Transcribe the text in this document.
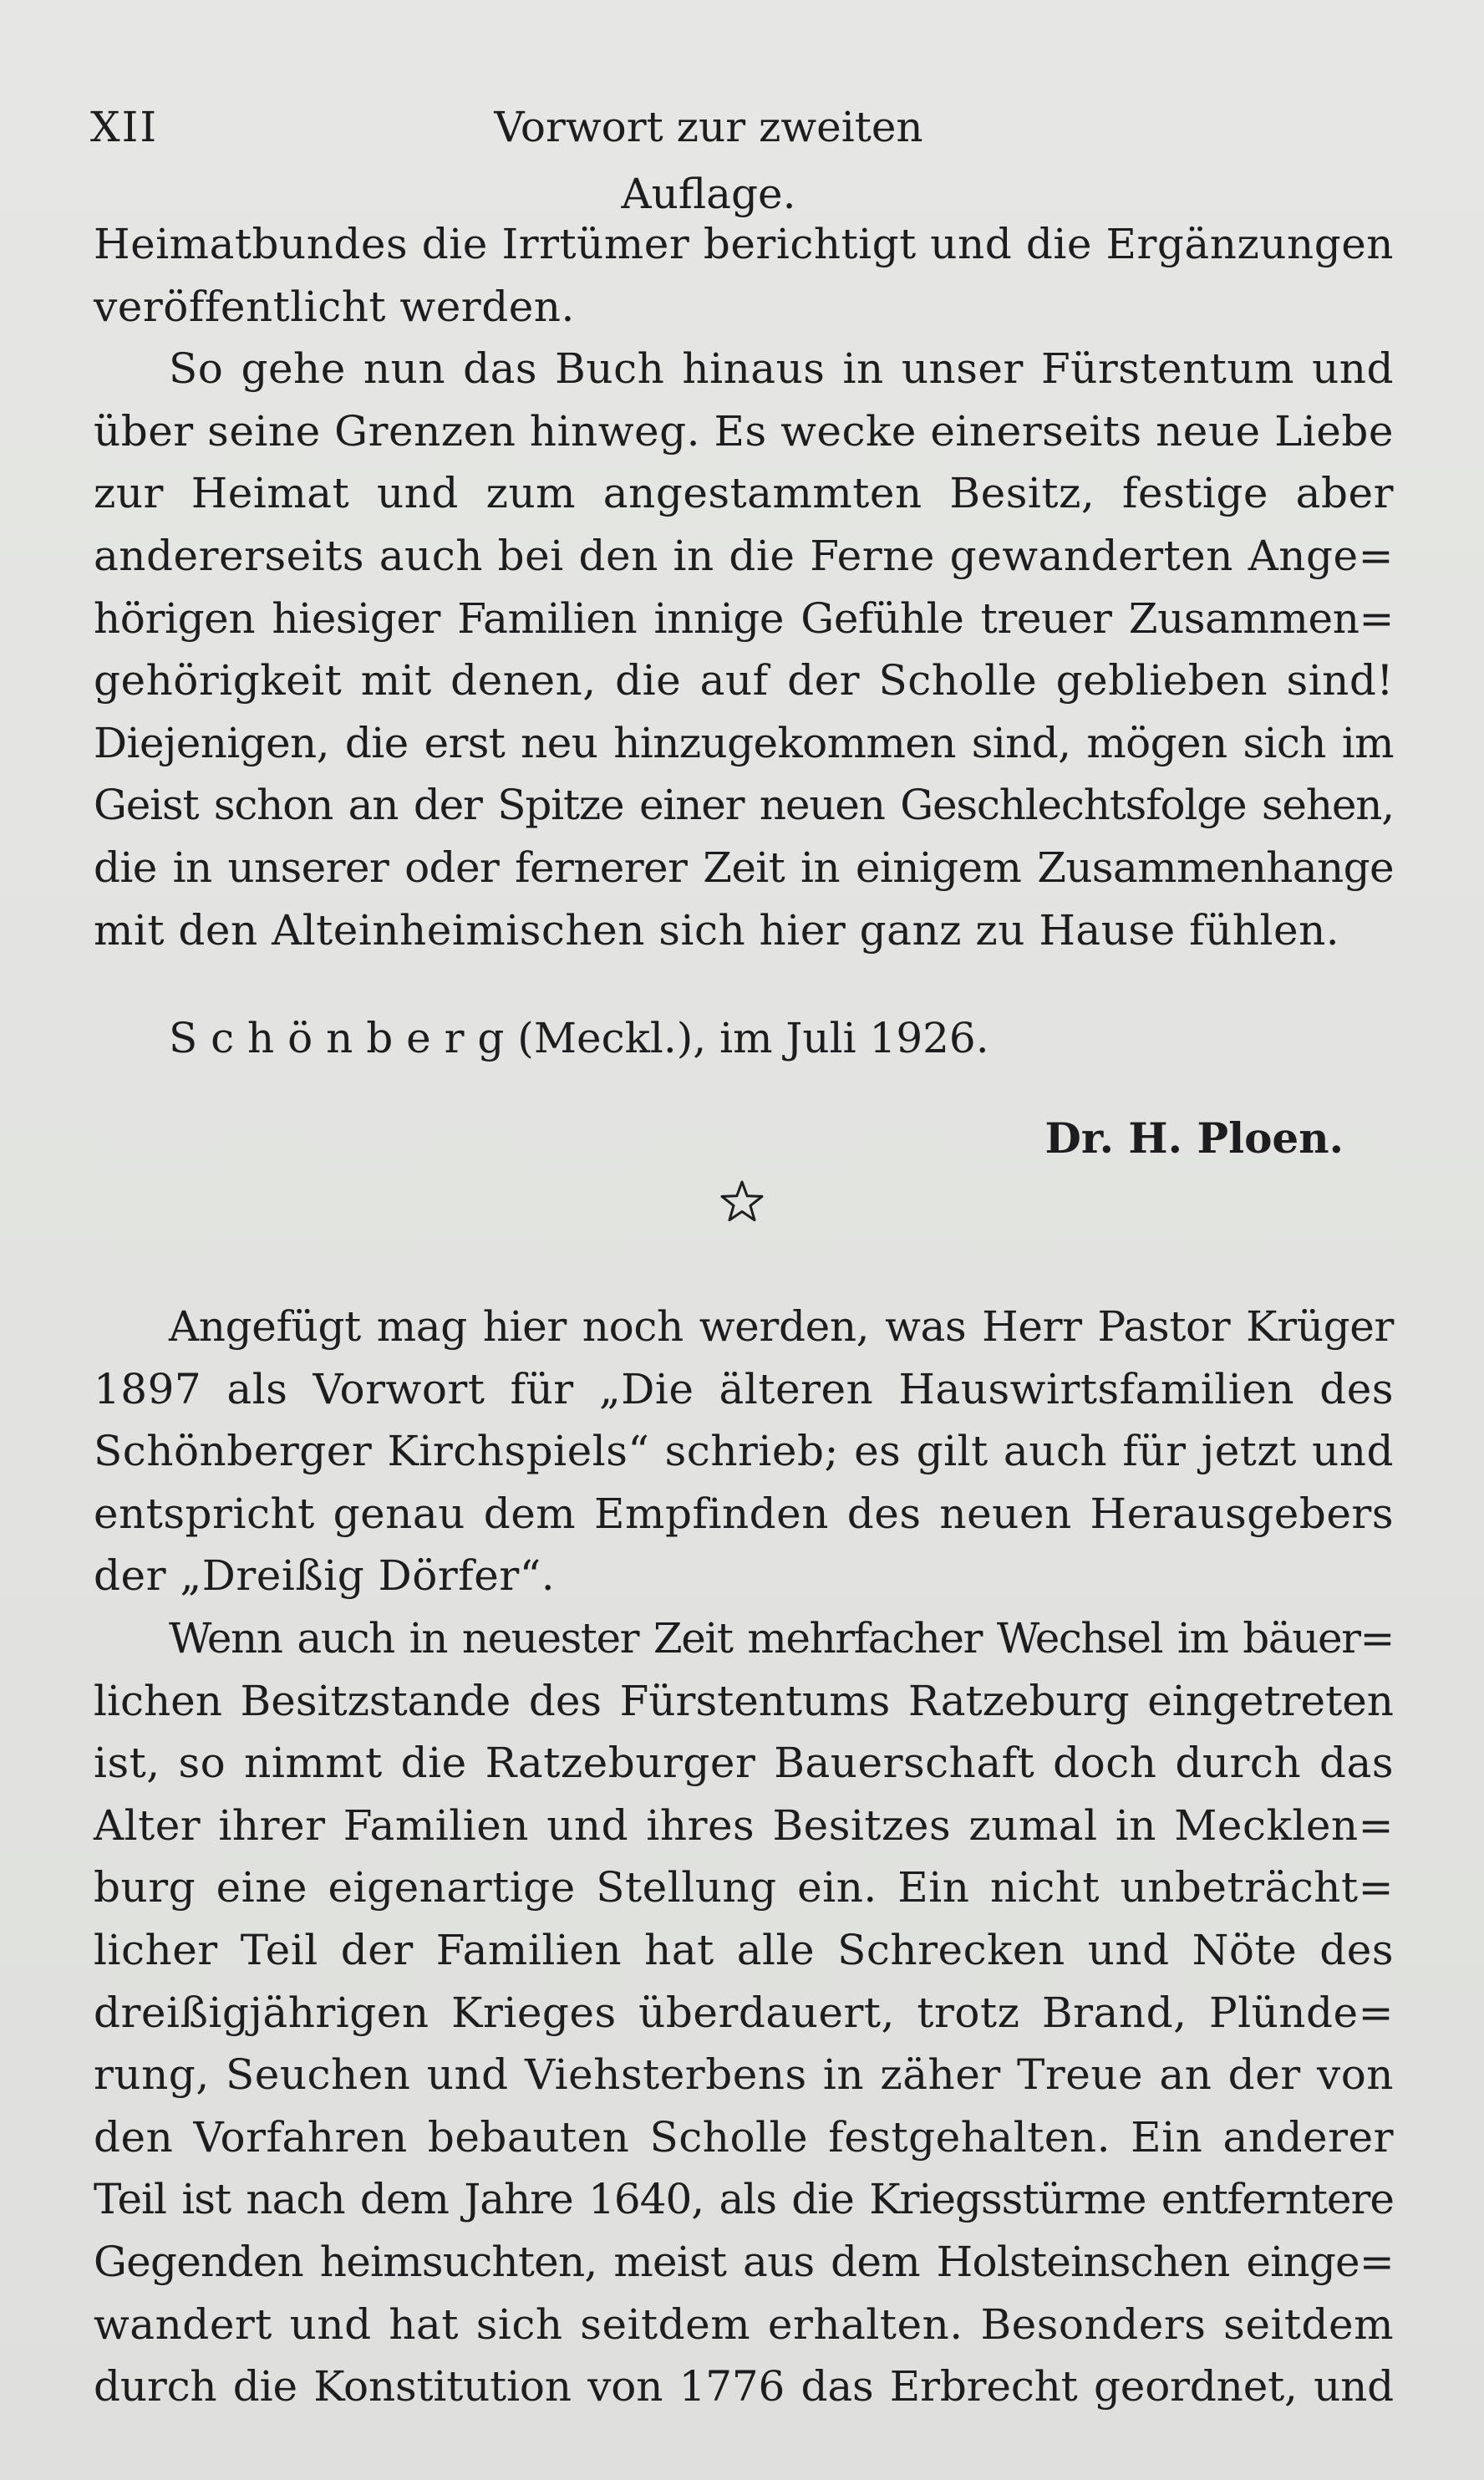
XII	Vorwort zur zweiten Auflage.
Heimatbundes die Irrtümer berichtigt und die Ergänzungen
veröffentlicht werden.
So gehe nun das Buch hinaus in unser Fürstentum und
über seine Grenzen hinweg. Es wecke einerseits neue Liebe
zur Heimat und zum angestammten Besitz, festige aber
andererseits auch bei den in die Ferne gewanderten Ange=
hörigen hiesiger Familien innige Gefühle treuer Zusammen=
gehörigkeit mit denen, die auf der Scholle geblieben sind!
Diejenigen, die erst neu hinzugekommen sind, mögen sich im
Geist schon an der Spitze einer neuen Geschlechtsfolge sehen,
die in unserer oder fernerer Zeit in einigem Zusammenhange
mit den Alteinheimischen sich hier ganz zu Hause fühlen.
S c h ö n b e r g (Meckl.), im Juli 1926.
Dr. H. Ploen.
Angefügt mag hier noch werden, was Herr Pastor Krüger
1897 als Vorwort für „Die älteren Hauswirtsfamilien des
Schönberger Kirchspiels“ schrieb; es gilt auch für jetzt und
entspricht genau dem Empfinden des neuen Herausgebers
der „Dreißig Dörfer“.
Wenn auch in neuester Zeit mehrfacher Wechsel im bäuer=
lichen Besitzstande des Fürstentums Ratzeburg eingetreten
ist, so nimmt die Ratzeburger Bauerschaft doch durch das
Alter ihrer Familien und ihres Besitzes zumal in Mecklen=
burg eine eigenartige Stellung ein. Ein nicht unbeträcht=
licher Teil der Familien hat alle Schrecken und Nöte des
dreißigjährigen Krieges überdauert, trotz Brand, Plünde=
rung, Seuchen und Viehsterbens in zäher Treue an der von
den Vorfahren bebauten Scholle festgehalten. Ein anderer
Teil ist nach dem Jahre 1640, als die Kriegsstürme entferntere
Gegenden heimsuchten, meist aus dem Holsteinschen einge=
wandert und hat sich seitdem erhalten. Besonders seitdem
durch die Konstitution von 1776 das Erbrecht geordnet, und
